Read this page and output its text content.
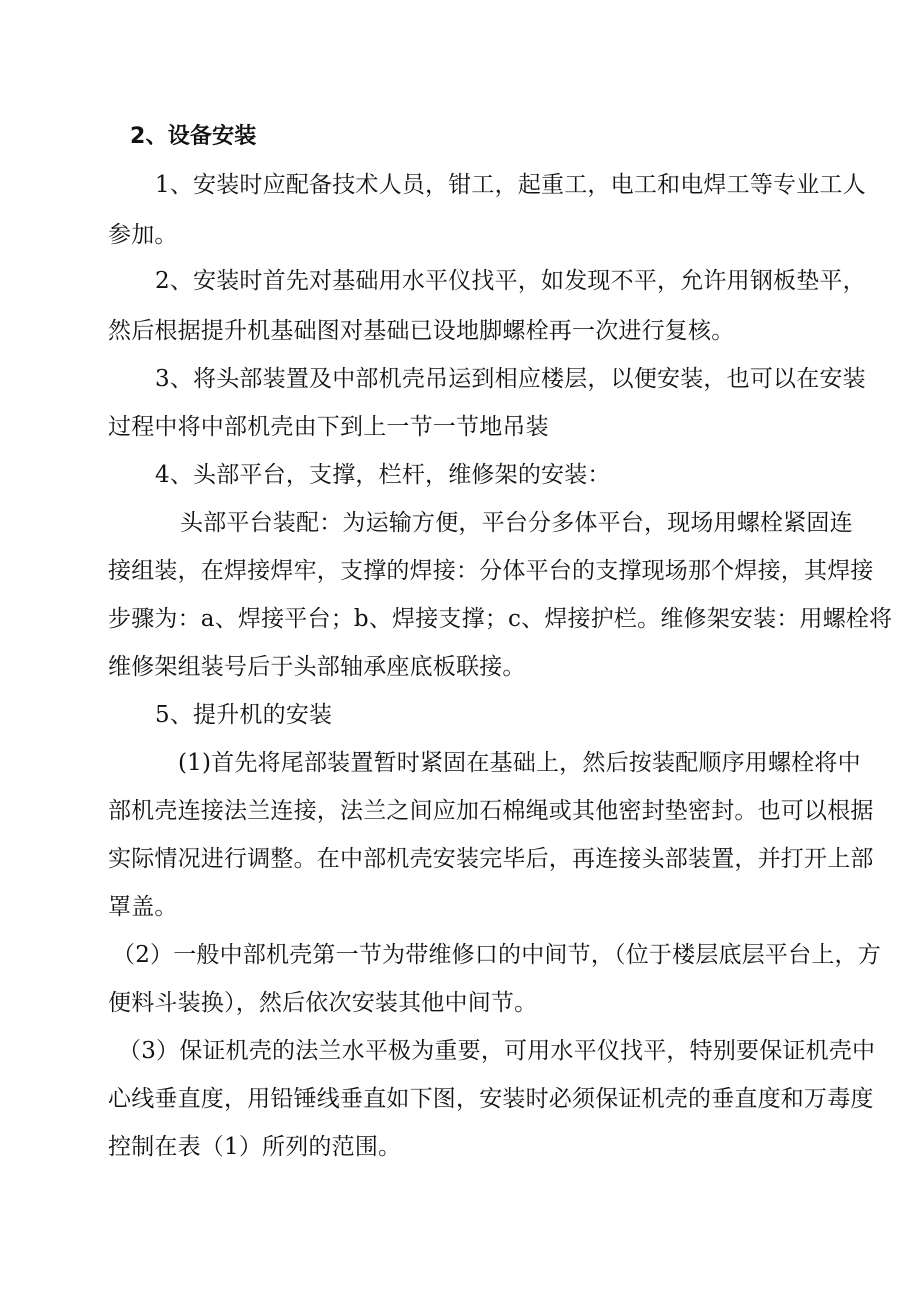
2、设备安装
1、安装时应配备技术人员，钳工，起重工，电工和电焊工等专业工人
参加。
2、安装时首先对基础用水平仪找平，如发现不平，允许用钢板垫平，
然后根据提升机基础图对基础已设地脚螺栓再一次进行复核。
3、将头部装置及中部机壳吊运到相应楼层，以便安装，也可以在安装
过程中将中部机壳由下到上一节一节地吊装
4、头部平台，支撑，栏杆，维修架的安装：
头部平台装配：为运输方便，平台分多体平台，现场用螺栓紧固连
接组装，在焊接焊牢，支撑的焊接：分体平台的支撑现场那个焊接，其焊接
步骤为：a、焊接平台；b、焊接支撑；c、焊接护栏。维修架安装：用螺栓将
维修架组装号后于头部轴承座底板联接。
5、提升机的安装
(1)首先将尾部装置暂时紧固在基础上，然后按装配顺序用螺栓将中
部机壳连接法兰连接，法兰之间应加石棉绳或其他密封垫密封。也可以根据
实际情况进行调整。在中部机壳安装完毕后，再连接头部装置，并打开上部
罩盖。
（2）一般中部机壳第一节为带维修口的中间节，（位于楼层底层平台上，方
便料斗装换），然后依次安装其他中间节。
（3）保证机壳的法兰水平极为重要，可用水平仪找平，特别要保证机壳中
心线垂直度，用铅锤线垂直如下图，安装时必须保证机壳的垂直度和万毒度
控制在表（1）所列的范围。
